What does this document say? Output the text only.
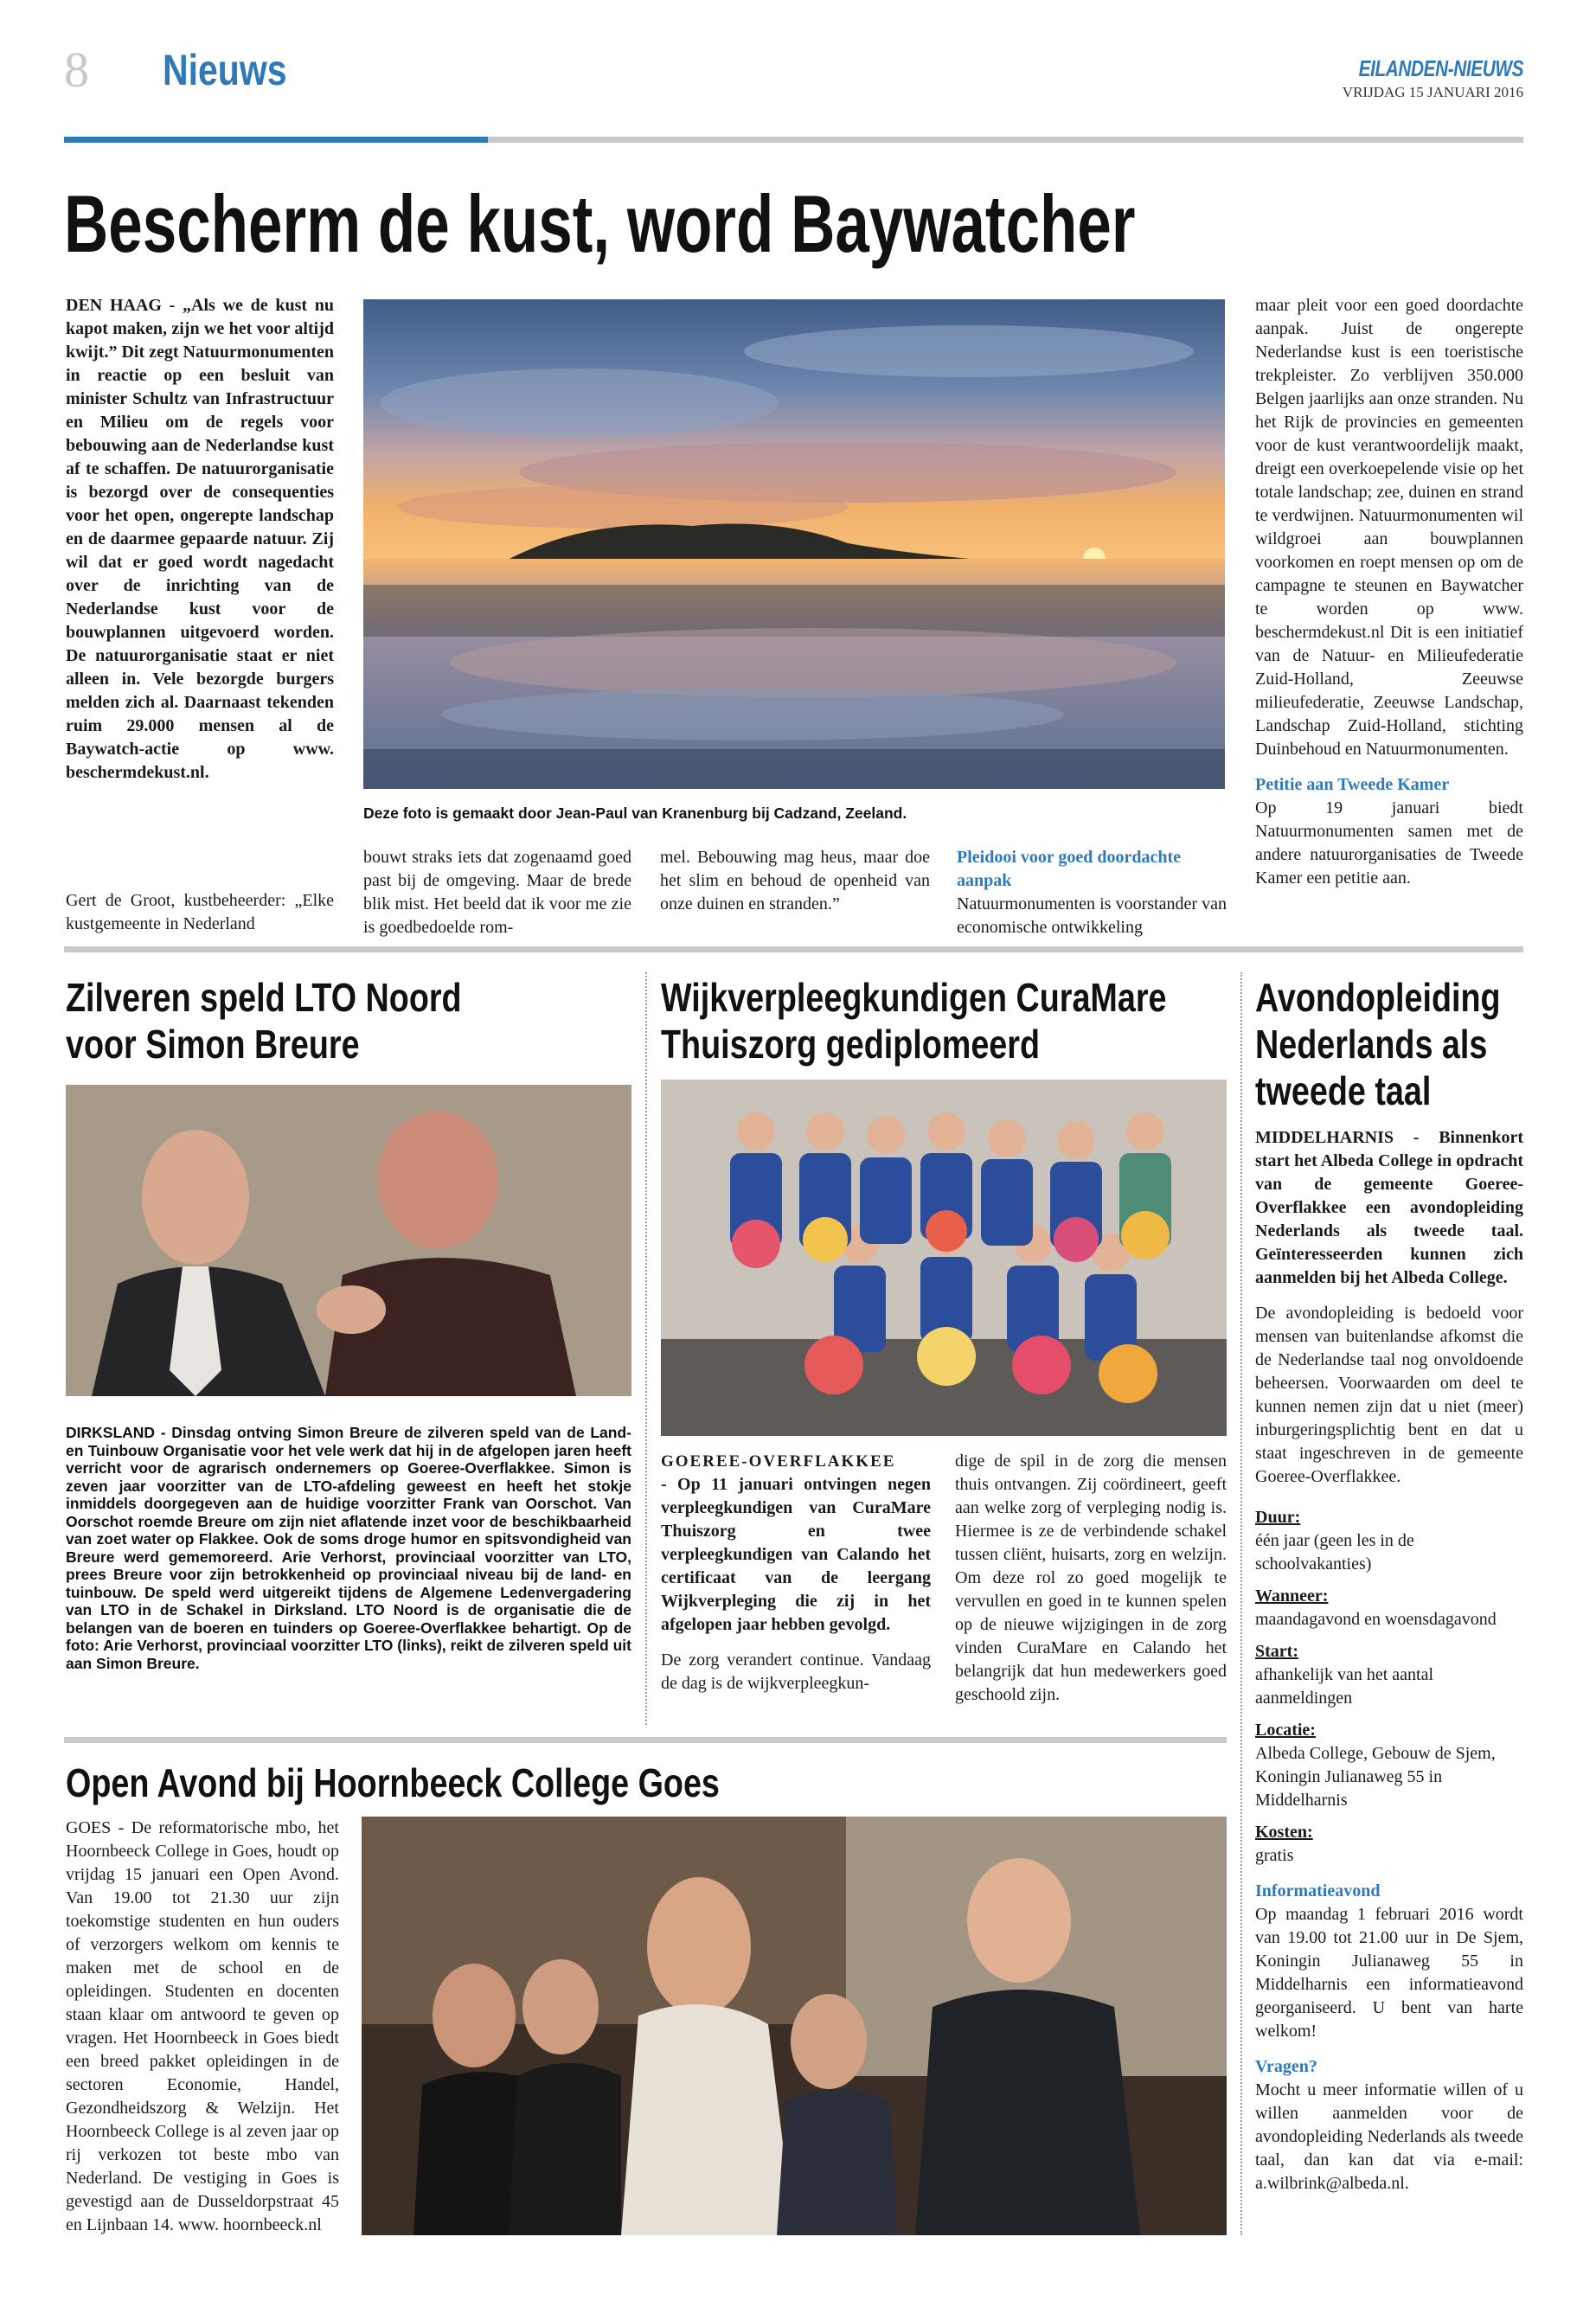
8 Nieuws	EILANDEN-NIEUWS
VRIJDAG 15 JANUARI 2016
Bescherm de kust, word Baywatcher
DEN HAAG - „Als we de kust nu kapot maken, zijn we het voor altijd kwijt.” Dit zegt Natuurmonumenten in reactie op een besluit van minister Schultz van Infrastructuur en Milieu om de regels voor bebouwing aan de Nederlandse kust af te schaffen. De natuurorganisatie is bezorgd over de consequenties voor het open, ongerepte landschap en de daarmee gepaarde natuur. Zij wil dat er goed wordt nagedacht over de inrichting van de Nederlandse kust voor de bouwplannen uitgevoerd worden. De natuurorganisatie staat er niet alleen in. Vele bezorgde burgers melden zich al. Daarnaast tekenden ruim 29.000 mensen al de Baywatch-actie op www. beschermdekust.nl.
Gert de Groot, kustbeheerder: „Elke kustgemeente in Nederland
Deze foto is gemaakt door Jean-Paul van Kranenburg bij Cadzand, Zeeland.
bouwt straks iets dat zogenaamd goed past bij de omgeving. Maar de brede blik mist. Het beeld dat ik voor me zie is goedbedoelde rom-
mel. Bebouwing mag heus, maar doe het slim en behoud de openheid van onze duinen en stranden.”
Pleidooi voor goed doordachte aanpak
Natuurmonumenten is voorstander van economische ontwikkeling
maar pleit voor een goed doordachte aanpak. Juist de ongerepte Nederlandse kust is een toeristische trekpleister. Zo verblijven 350.000 Belgen jaarlijks aan onze stranden. Nu het Rijk de provincies en gemeenten voor de kust verantwoordelijk maakt, dreigt een overkoepelende visie op het totale landschap; zee, duinen en strand te verdwijnen. Natuurmonumenten wil wildgroei aan bouwplannen voorkomen en roept mensen op om de campagne te steunen en Baywatcher te worden op www. beschermdekust.nl Dit is een initiatief van de Natuur- en Milieufederatie Zuid-Holland, Zeeuwse milieufederatie, Zeeuwse Landschap, Landschap Zuid-Holland, stichting Duinbehoud en Natuurmonumenten.
Petitie aan Tweede Kamer
Op 19 januari biedt Natuurmonumenten samen met de andere natuurorganisaties de Tweede Kamer een petitie aan.
Zilveren speld LTO Noord
voor Simon Breure
DIRKSLAND - Dinsdag ontving Simon Breure de zilveren speld van de Land- en Tuinbouw Organisatie voor het vele werk dat hij in de afgelopen jaren heeft verricht voor de agrarisch ondernemers op Goeree-Overflakkee. Simon is zeven jaar voorzitter van de LTO-afdeling geweest en heeft het stokje inmiddels doorgegeven aan de huidige voorzitter Frank van Oorschot. Van Oorschot roemde Breure om zijn niet aflatende inzet voor de beschikbaarheid van zoet water op Flakkee. Ook de soms droge humor en spitsvondigheid van Breure werd gememoreerd. Arie Verhorst, provinciaal voorzitter van LTO, prees Breure voor zijn betrokkenheid op provinciaal niveau bij de land- en tuinbouw. De speld werd uitgereikt tijdens de Algemene Ledenvergadering van LTO in de Schakel in Dirksland. LTO Noord is de organisatie die de belangen van de boeren en tuinders op Goeree-Overflakkee behartigt. Op de foto: Arie Verhorst, provinciaal voorzitter LTO (links), reikt de zilveren speld uit aan Simon Breure.
Wijkverpleegkundigen CuraMare
Thuiszorg gediplomeerd
GOEREE-OVERFLAKKEE
- Op 11 januari ontvingen negen verpleegkundigen van CuraMare Thuiszorg en twee verpleegkundigen van Calando het certificaat van de leergang Wijkverpleging die zij in het afgelopen jaar hebben gevolgd.
De zorg verandert continue. Vandaag de dag is de wijkverpleegkun-
dige de spil in de zorg die mensen thuis ontvangen. Zij coördineert, geeft aan welke zorg of verpleging nodig is. Hiermee is ze de verbindende schakel tussen cliënt, huisarts, zorg en welzijn. Om deze rol zo goed mogelijk te vervullen en goed in te kunnen spelen op de nieuwe wijzigingen in de zorg vinden CuraMare en Calando het belangrijk dat hun medewerkers goed geschoold zijn.
Avondopleiding
Nederlands als
tweede taal
MIDDELHARNIS - Binnenkort start het Albeda College in opdracht van de gemeente Goeree-Overflakkee een avondopleiding Nederlands als tweede taal. Geïnteresseerden kunnen zich aanmelden bij het Albeda College.
De avondopleiding is bedoeld voor mensen van buitenlandse afkomst die de Nederlandse taal nog onvoldoende beheersen. Voorwaarden om deel te kunnen nemen zijn dat u niet (meer) inburgeringsplichtig bent en dat u staat ingeschreven in de gemeente Goeree-Overflakkee.
Duur:
één jaar (geen les in de schoolvakanties)
Wanneer:
maandagavond en woensdagavond
Start:
afhankelijk van het aantal aanmeldingen
Locatie:
Albeda College, Gebouw de Sjem, Koningin Julianaweg 55 in Middelharnis
Kosten:
gratis
Informatieavond
Op maandag 1 februari 2016 wordt van 19.00 tot 21.00 uur in De Sjem, Koningin Julianaweg 55 in Middelharnis een informatieavond georganiseerd. U bent van harte welkom!
Vragen?
Mocht u meer informatie willen of u willen aanmelden voor de avondopleiding Nederlands als tweede taal, dan kan dat via e-mail: a.wilbrink@albeda.nl.
Open Avond bij Hoornbeeck College Goes
GOES - De reformatorische mbo, het Hoornbeeck College in Goes, houdt op vrijdag 15 januari een Open Avond. Van 19.00 tot 21.30 uur zijn toekomstige studenten en hun ouders of verzorgers welkom om kennis te maken met de school en de opleidingen. Studenten en docenten staan klaar om antwoord te geven op vragen. Het Hoornbeeck in Goes biedt een breed pakket opleidingen in de sectoren Economie, Handel, Gezondheidszorg & Welzijn. Het Hoornbeeck College is al zeven jaar op rij verkozen tot beste mbo van Nederland. De vestiging in Goes is gevestigd aan de Dusseldorpstraat 45 en Lijnbaan 14. www. hoornbeeck.nl
